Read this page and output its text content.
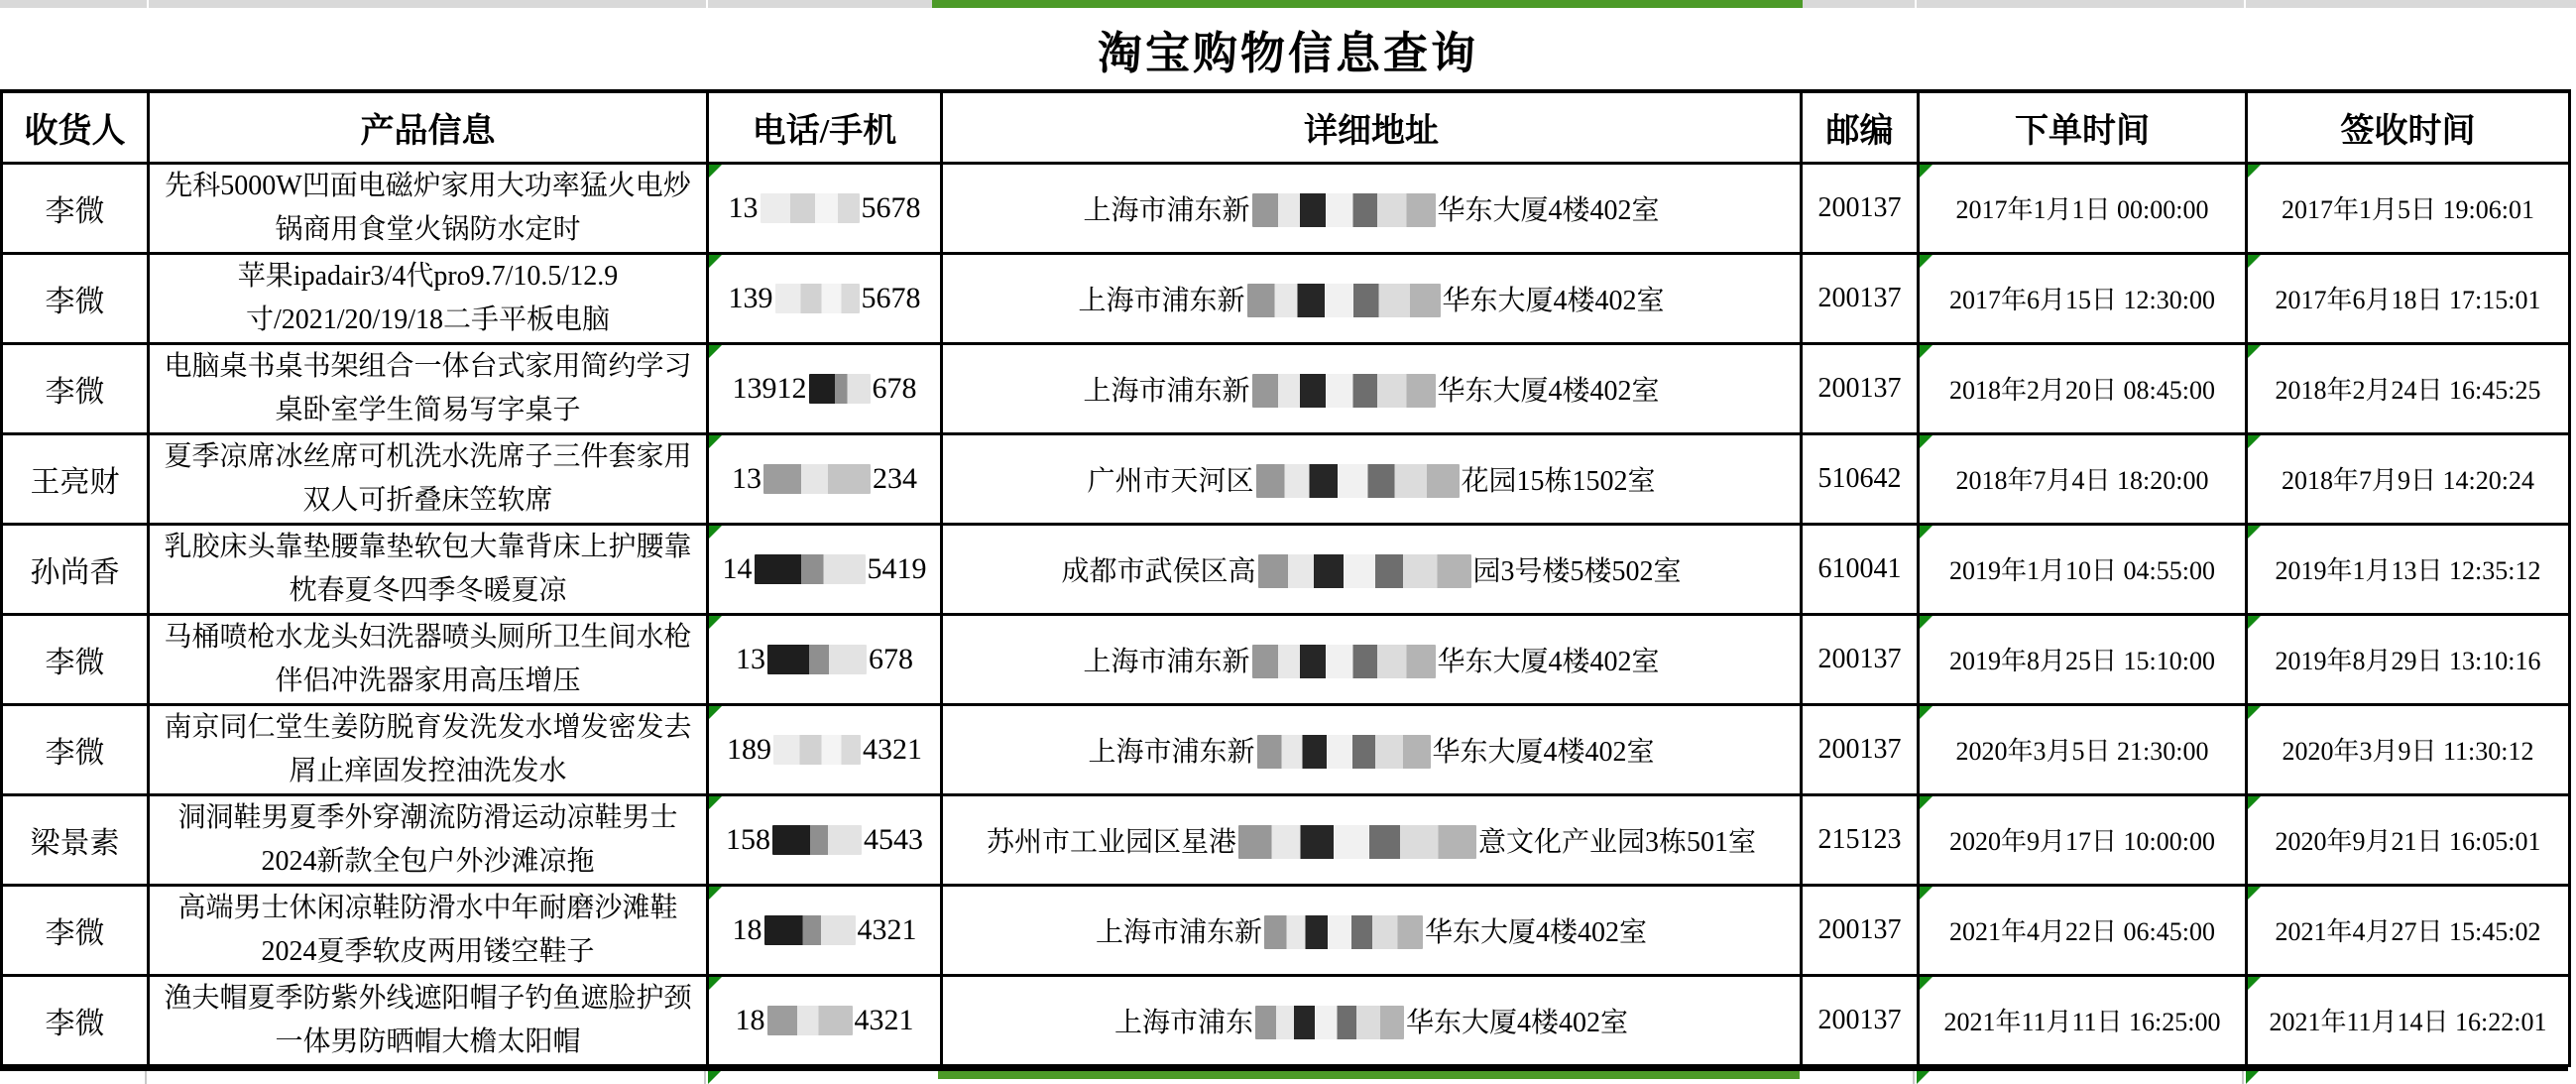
淘宝购物信息查询
收货人	产品信息	电话/手机	详细地址	邮编	下单时间	签收时间
李微	先科5000W凹面电磁炉家用大功率猛火电炒锅商用食堂火锅防水定时	13 5678	上海市浦东新 华东大厦4楼402室	200137	2017年1月1日 00:00:00	2017年1月5日 19:06:01
李微	苹果ipadair3/4代pro9.7/10.5/12.9寸/2021/20/19/18二手平板电脑	139 5678	上海市浦东新 华东大厦4楼402室	200137	2017年6月15日 12:30:00	2017年6月18日 17:15:01
李微	电脑桌书桌书架组合一体台式家用简约学习桌卧室学生简易写字桌子	13912 678	上海市浦东新 华东大厦4楼402室	200137	2018年2月20日 08:45:00	2018年2月24日 16:45:25
王亮财	夏季凉席冰丝席可机洗水洗席子三件套家用双人可折叠床笠软席	13 234	广州市天河区 花园15栋1502室	510642	2018年7月4日 18:20:00	2018年7月9日 14:20:24
孙尚香	乳胶床头靠垫腰靠垫软包大靠背床上护腰靠枕春夏冬四季冬暖夏凉	14 5419	成都市武侯区高 园3号楼5楼502室	610041	2019年1月10日 04:55:00	2019年1月13日 12:35:12
李微	马桶喷枪水龙头妇洗器喷头厕所卫生间水枪伴侣冲洗器家用高压增压	13 678	上海市浦东新 华东大厦4楼402室	200137	2019年8月25日 15:10:00	2019年8月29日 13:10:16
李微	南京同仁堂生姜防脱育发洗发水增发密发去屑止痒固发控油洗发水	189 4321	上海市浦东新 华东大厦4楼402室	200137	2020年3月5日 21:30:00	2020年3月9日 11:30:12
梁景素	洞洞鞋男夏季外穿潮流防滑运动凉鞋男士2024新款全包户外沙滩凉拖	158 4543	苏州市工业园区星港 意文化产业园3栋501室	215123	2020年9月17日 10:00:00	2020年9月21日 16:05:01
李微	高端男士休闲凉鞋防滑水中年耐磨沙滩鞋2024夏季软皮两用镂空鞋子	18 4321	上海市浦东新 华东大厦4楼402室	200137	2021年4月22日 06:45:00	2021年4月27日 15:45:02
李微	渔夫帽夏季防紫外线遮阳帽子钓鱼遮脸护颈一体男防晒帽大檐太阳帽	18 4321	上海市浦东 华东大厦4楼402室	200137	2021年11月11日 16:25:00	2021年11月14日 16:22:01
